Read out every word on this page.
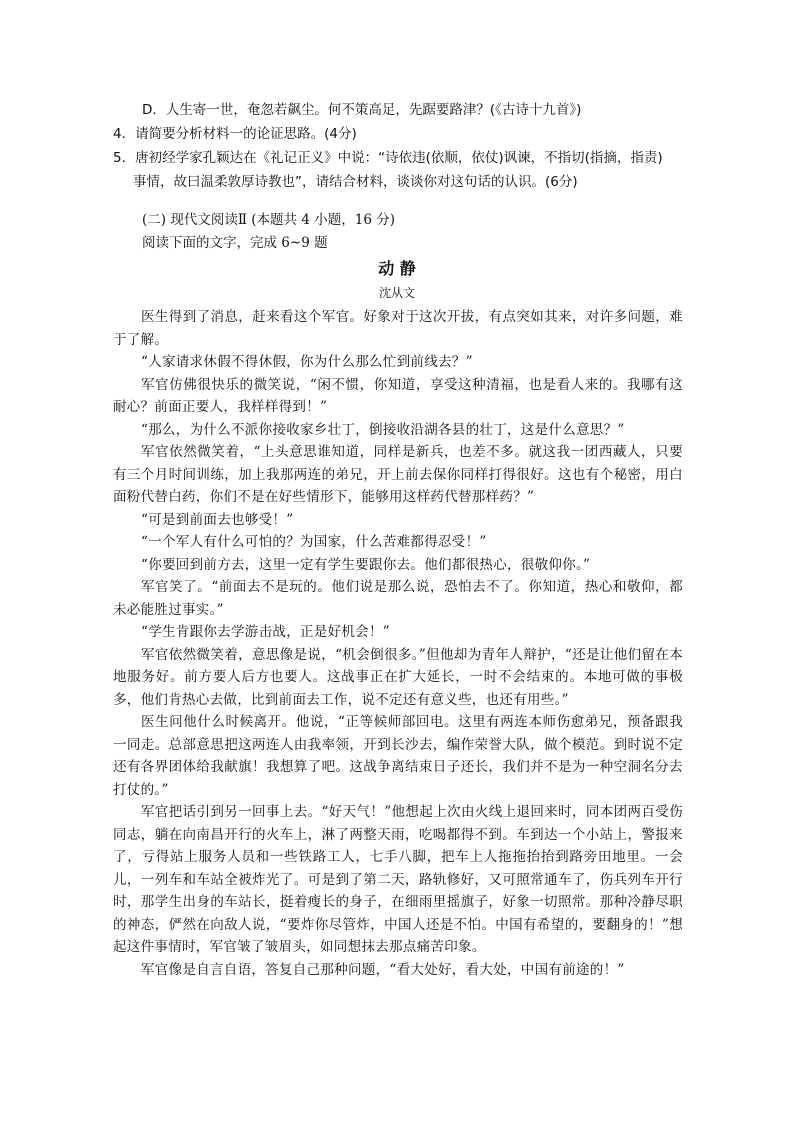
D．人生寄一世，奄忽若飙尘。何不策高足，先踞要路津？(《古诗十九首》)
4．请简要分析材料一的论证思路。(4分)
5．唐初经学家孔颖达在《礼记正义》中说：“诗依违(依顺，依仗)讽谏，不指切(指摘，指责)
事情，故曰温柔敦厚诗教也”，请结合材料，谈谈你对这句话的认识。(6分)
(二) 现代文阅读Ⅱ (本题共 4 小题，16 分)
阅读下面的文字，完成 6~9 题
动 静
沈从文

医生得到了消息，赶来看这个军官。好象对于这次开拔，有点突如其来，对许多问题，难于了解。

“人家请求休假不得休假，你为什么那么忙到前线去？”

军官仿佛很快乐的微笑说，“闲不惯，你知道，享受这种清福，也是看人来的。我哪有这耐心？前面正要人，我样样得到！”

“那么，为什么不派你接收家乡壮丁，倒接收沿湖各县的壮丁，这是什么意思？”

军官依然微笑着，“上头意思谁知道，同样是新兵，也差不多。就这我一团西藏人，只要有三个月时间训练，加上我那两连的弟兄，开上前去保你同样打得很好。这也有个秘密，用白面粉代替白药，你们不是在好些情形下，能够用这样药代替那样药？”

“可是到前面去也够受！”

“一个军人有什么可怕的？为国家，什么苦难都得忍受！”

“你要回到前方去，这里一定有学生要跟你去。他们都很热心，很敬仰你。”

军官笑了。“前面去不是玩的。他们说是那么说，恐怕去不了。你知道，热心和敬仰，都未必能胜过事实。”

“学生肯跟你去学游击战，正是好机会！”

军官依然微笑着，意思像是说，“机会倒很多。”但他却为青年人辩护，“还是让他们留在本地服务好。前方要人后方也要人。这战事正在扩大延长，一时不会结束的。本地可做的事极多，他们肯热心去做，比到前面去工作，说不定还有意义些，也还有用些。”

医生问他什么时候离开。他说，“正等候师部回电。这里有两连本师伤愈弟兄，预备跟我一同走。总部意思把这两连人由我率领，开到长沙去，编作荣誉大队，做个模范。到时说不定还有各界团体给我献旗！我想算了吧。这战争离结束日子还长，我们并不是为一种空洞名分去打仗的。”

军官把话引到另一回事上去。“好天气！”他想起上次由火线上退回来时，同本团两百受伤同志，躺在向南昌开行的火车上，淋了两整天雨，吃喝都得不到。车到达一个小站上，警报来了，亏得站上服务人员和一些铁路工人，七手八脚，把车上人拖拖抬抬到路旁田地里。一会儿，一列车和车站全被炸光了。可是到了第二天，路轨修好，又可照常通车了，伤兵列车开行时，那学生出身的车站长，挺着瘦长的身子，在细雨里摇旗子，好象一切照常。那种冷静尽职的神态，俨然在向敌人说，“要炸你尽管炸，中国人还是不怕。中国有希望的，要翻身的！”想起这件事情时，军官皱了皱眉头，如同想抹去那点痛苦印象。

军官像是自言自语，答复自己那种问题，“看大处好，看大处，中国有前途的！”
